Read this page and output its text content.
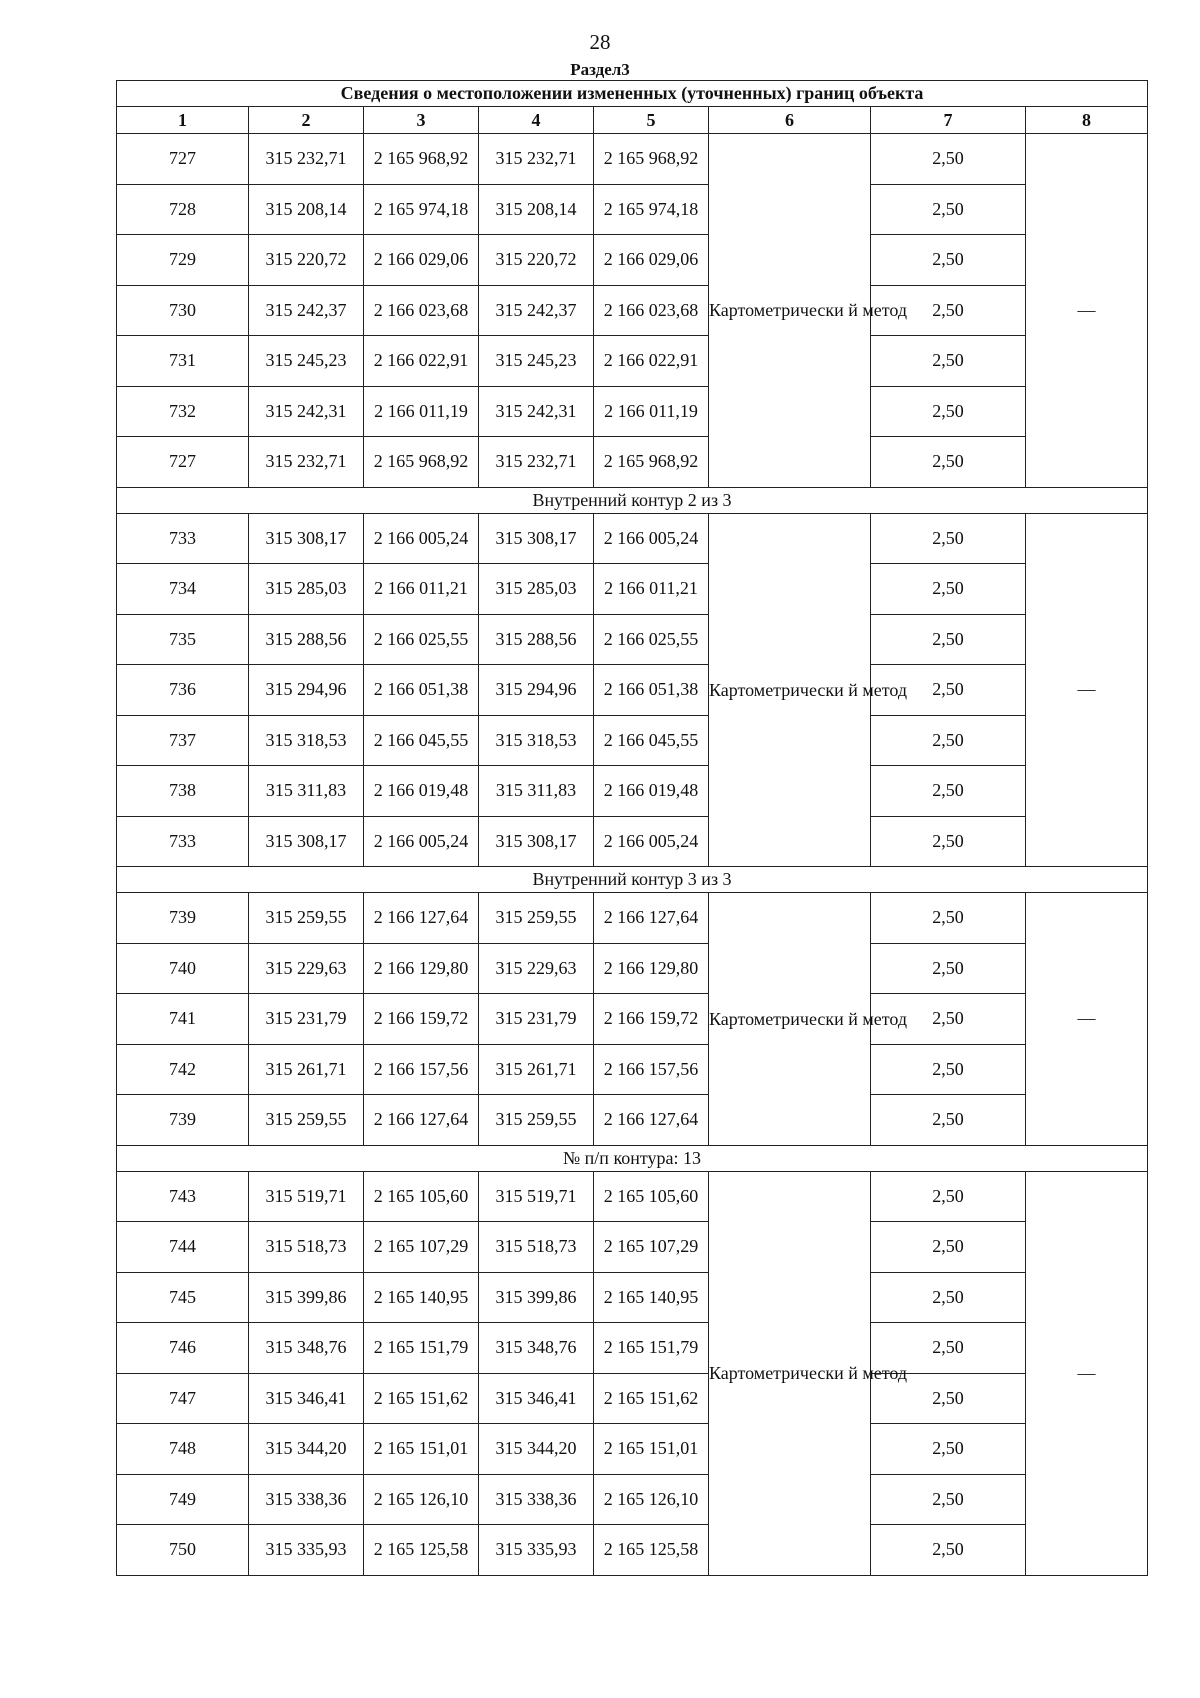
28
Раздел3
Сведения о местоположении измененных (уточненных) границ объекта							
1	2	3	4	5	6	7	8
727	315 232,71	2 165 968,92	315 232,71	2 165 968,92	Картометрически й метод	2,50	—
728	315 208,14	2 165 974,18	315 208,14	2 165 974,18		2,50	
729	315 220,72	2 166 029,06	315 220,72	2 166 029,06		2,50	
730	315 242,37	2 166 023,68	315 242,37	2 166 023,68		2,50	
731	315 245,23	2 166 022,91	315 245,23	2 166 022,91		2,50	
732	315 242,31	2 166 011,19	315 242,31	2 166 011,19		2,50	
727	315 232,71	2 165 968,92	315 232,71	2 165 968,92		2,50	
Внутренний контур 2 из 3							
733	315 308,17	2 166 005,24	315 308,17	2 166 005,24	Картометрически й метод	2,50	—
734	315 285,03	2 166 011,21	315 285,03	2 166 011,21		2,50	
735	315 288,56	2 166 025,55	315 288,56	2 166 025,55		2,50	
736	315 294,96	2 166 051,38	315 294,96	2 166 051,38		2,50	
737	315 318,53	2 166 045,55	315 318,53	2 166 045,55		2,50	
738	315 311,83	2 166 019,48	315 311,83	2 166 019,48		2,50	
733	315 308,17	2 166 005,24	315 308,17	2 166 005,24		2,50	
Внутренний контур 3 из 3							
739	315 259,55	2 166 127,64	315 259,55	2 166 127,64	Картометрически й метод	2,50	—
740	315 229,63	2 166 129,80	315 229,63	2 166 129,80		2,50	
741	315 231,79	2 166 159,72	315 231,79	2 166 159,72		2,50	
742	315 261,71	2 166 157,56	315 261,71	2 166 157,56		2,50	
739	315 259,55	2 166 127,64	315 259,55	2 166 127,64		2,50	
№ п/п контура: 13							
743	315 519,71	2 165 105,60	315 519,71	2 165 105,60	Картометрически й метод	2,50	—
744	315 518,73	2 165 107,29	315 518,73	2 165 107,29		2,50	
745	315 399,86	2 165 140,95	315 399,86	2 165 140,95		2,50	
746	315 348,76	2 165 151,79	315 348,76	2 165 151,79		2,50	
747	315 346,41	2 165 151,62	315 346,41	2 165 151,62		2,50	
748	315 344,20	2 165 151,01	315 344,20	2 165 151,01		2,50	
749	315 338,36	2 165 126,10	315 338,36	2 165 126,10		2,50	
750	315 335,93	2 165 125,58	315 335,93	2 165 125,58		2,50	
